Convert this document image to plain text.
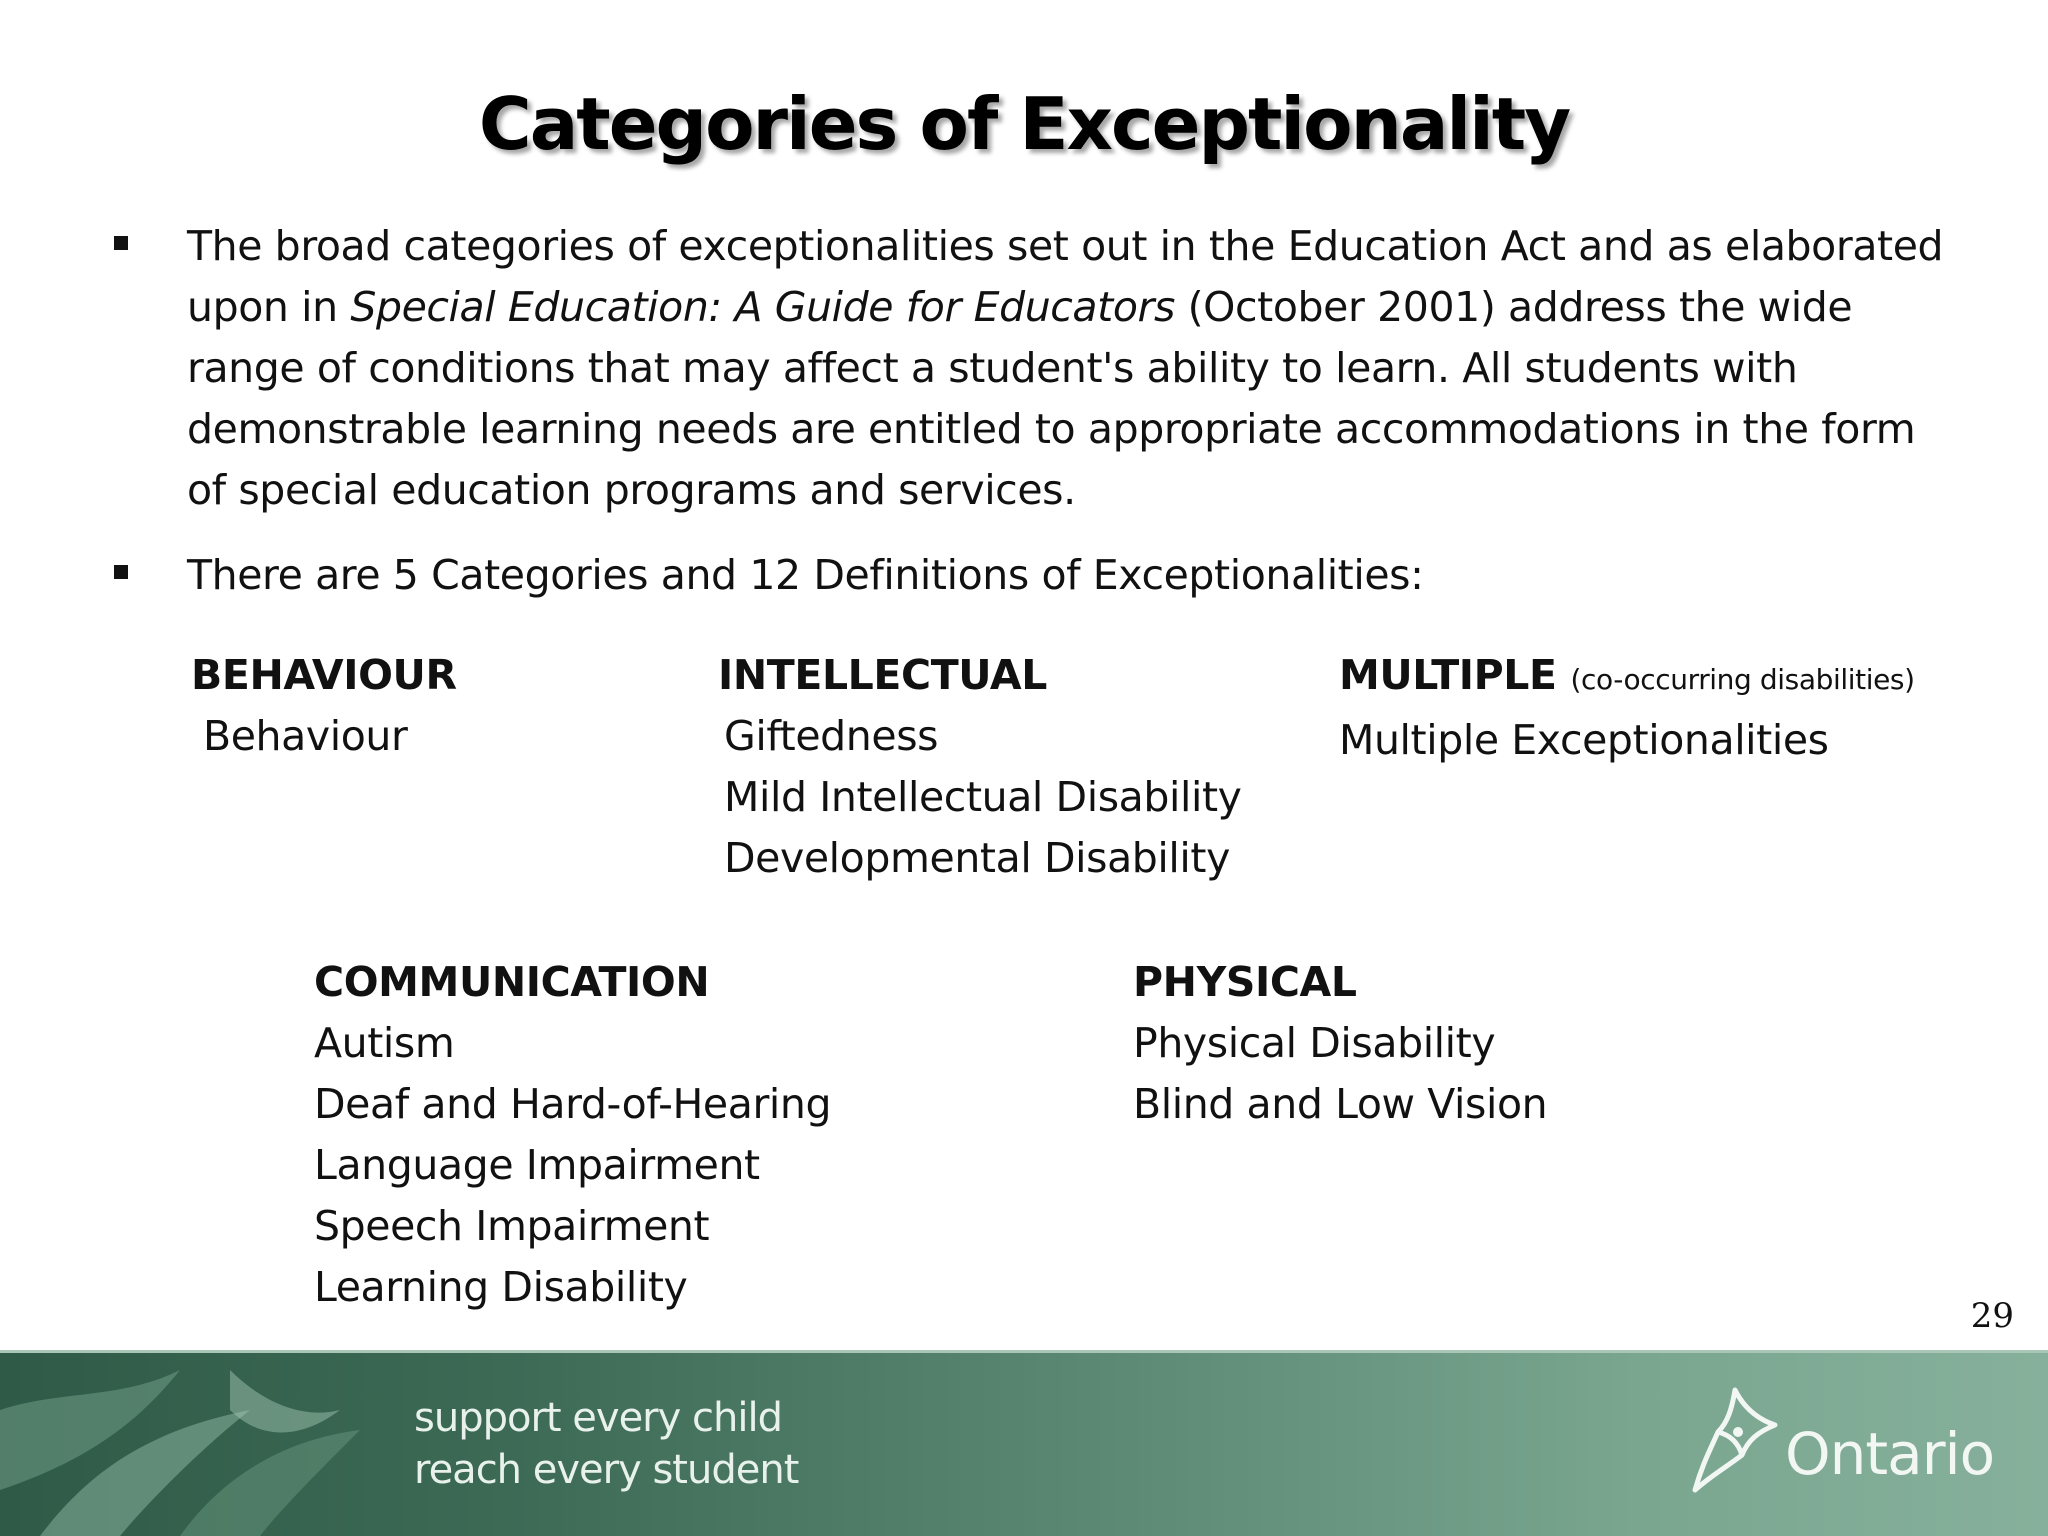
Categories of Exceptionality
The broad categories of exceptionalities set out in the Education Act and as elaborated upon in Special Education: A Guide for Educators (October 2001) address the wide range of conditions that may affect a student's ability to learn. All students with demonstrable learning needs are entitled to appropriate accommodations in the form of special education programs and services.
There are 5 Categories and 12 Definitions of Exceptionalities:
BEHAVIOUR
Behaviour
INTELLECTUAL
Giftedness
Mild Intellectual Disability
Developmental Disability
MULTIPLE (co-occurring disabilities)
Multiple Exceptionalities
COMMUNICATION
Autism
Deaf and Hard-of-Hearing
Language Impairment
Speech Impairment
Learning Disability
PHYSICAL
Physical Disability
Blind and Low Vision
29
support every child
reach every student	Ontario
